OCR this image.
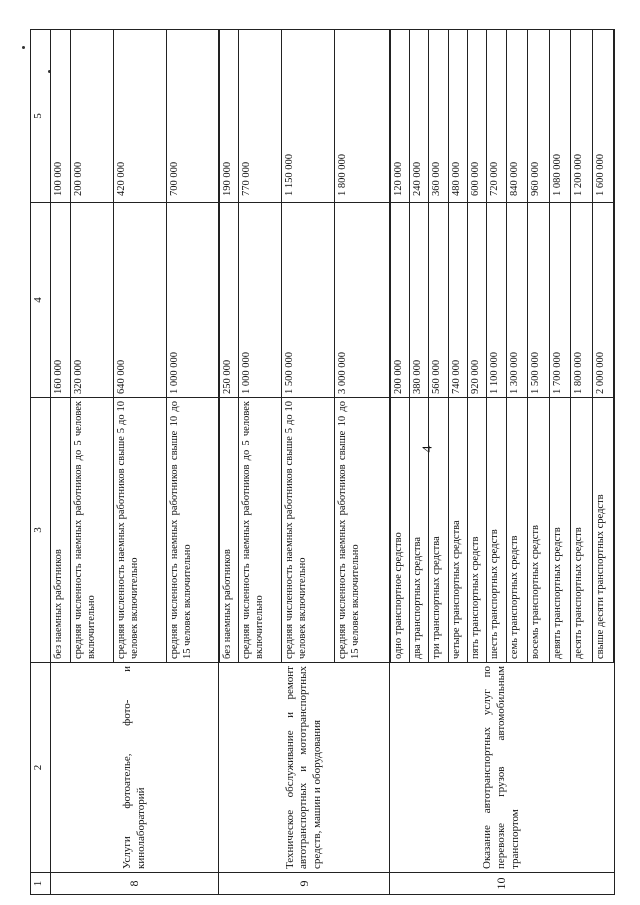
4
1	2	3	4	5
8	Услуги фотоателье, фото- и кинолабораторий	без наемных работников	160 000	100 000
		средняя численность наемных работников до 5 человек включительно	320 000	200 000
		средняя численность наемных работников свыше 5 до 10 человек включительно	640 000	420 000
		средняя численность наемных работников свыше 10 до 15 человек включительно	1 000 000	700 000
9	Техническое обслуживание и ремонт автотранспортных и мототранспортных средств, машин и оборудования	без наемных работников	250 000	190 000
		средняя численность наемных работников до 5 человек включительно	1 000 000	770 000
		средняя численность наемных работников свыше 5 до 10 человек включительно	1 500 000	1 150 000
		средняя численность наемных работников свыше 10 до 15 человек включительно	3 000 000	1 800 000
10	Оказание автотранспортных услуг по перевозке грузов автомобильным транспортом	одно транспортное средство	200 000	120 000
		два транспортных средства	380 000	240 000
		три транспортных средства	560 000	360 000
		четыре транспортных средства	740 000	480 000
		пять транспортных средств	920 000	600 000
		шесть транспортных средств	1 100 000	720 000
		семь транспортных средств	1 300 000	840 000
		восемь транспортных средств	1 500 000	960 000
		девять транспортных средств	1 700 000	1 080 000
		десять транспортных средств	1 800 000	1 200 000
		свыше десяти транспортных средств	2 000 000	1 600 000
